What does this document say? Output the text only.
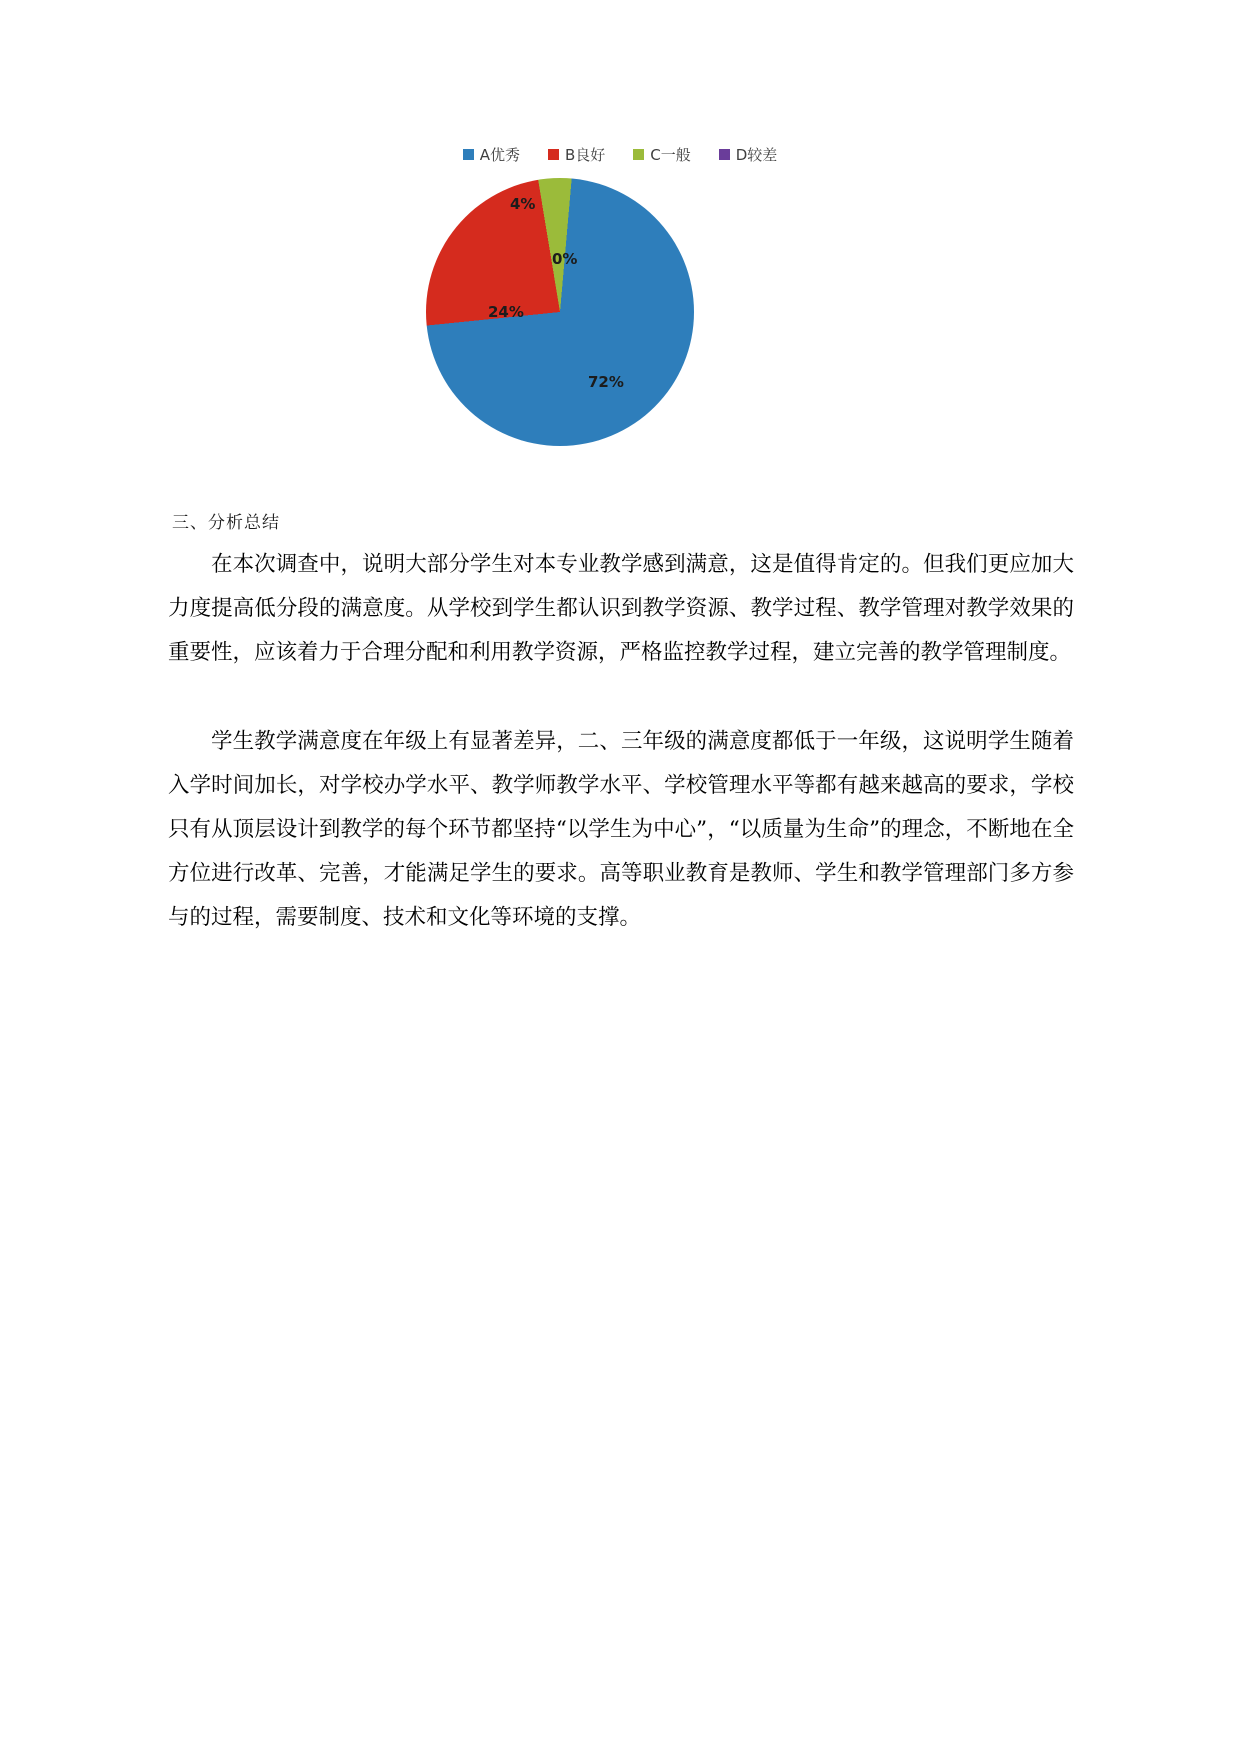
A优秀	B良好	C一般	D较差
72%
24%
4%
0%
三、分析总结
在本次调查中，说明大部分学生对本专业教学感到满意，这是值得肯定的。但我们更应加大力度提高低分段的满意度。从学校到学生都认识到教学资源、教学过程、教学管理对教学效果的重要性，应该着力于合理分配和利用教学资源，严格监控教学过程，建立完善的教学管理制度。
学生教学满意度在年级上有显著差异，二、三年级的满意度都低于一年级，这说明学生随着入学时间加长，对学校办学水平、教学师教学水平、学校管理水平等都有越来越高的要求，学校只有从顶层设计到教学的每个环节都坚持“以学生为中心”，“以质量为生命”的理念，不断地在全方位进行改革、完善，才能满足学生的要求。高等职业教育是教师、学生和教学管理部门多方参与的过程，需要制度、技术和文化等环境的支撑。
